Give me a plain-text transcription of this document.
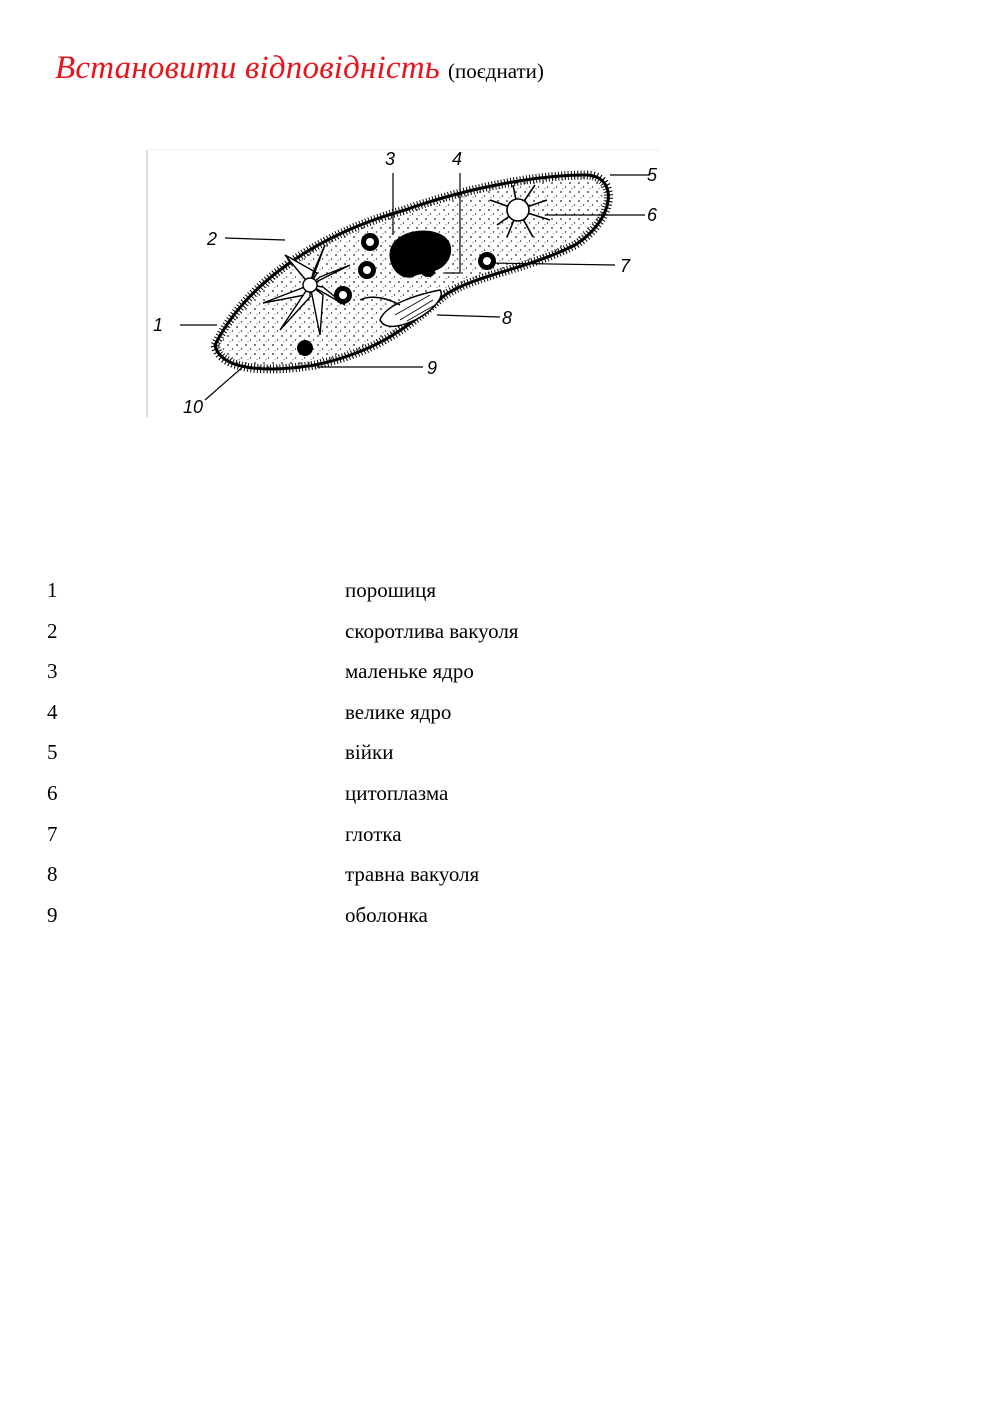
Встановити відповідність (поєднати)
1
2
3	4
5
6
7
8
9
10
1	порошиця
2	скоротлива вакуоля
3	маленьке ядро
4	велике ядро
5	війки
6	цитоплазма
7	глотка
8	травна вакуоля
9	оболонка
